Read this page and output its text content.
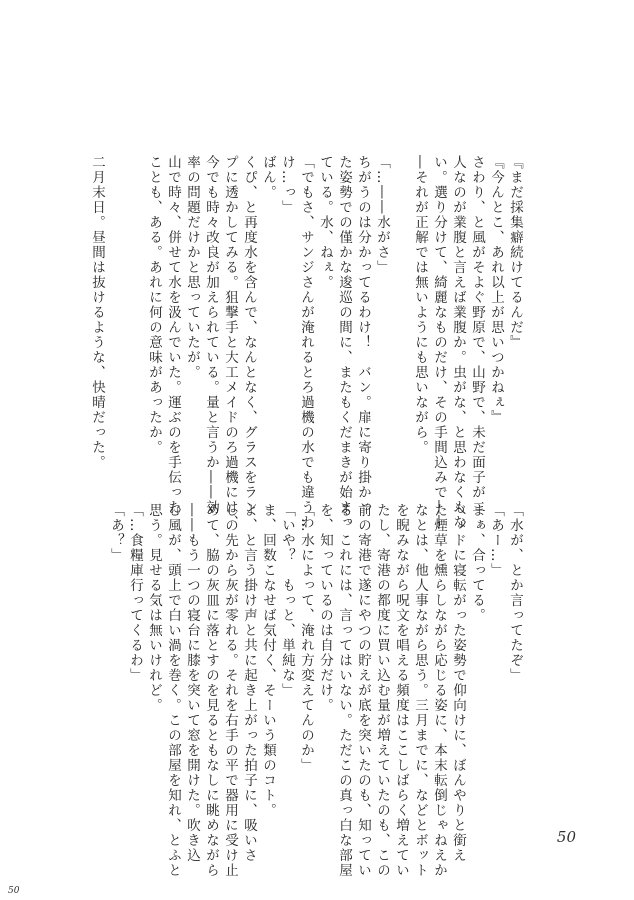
『まだ採集癖続けてるんだ』
『今んとこ、あれ以上が思いつかねぇ』
さわり、と風がそよぐ野原で、山野で、未だ面子が二
人なのが業腹と言えば業腹か。虫がな、と思わなくもな
い。選り分けて、綺麗なものだけ、その手間込みで――
―それが正解では無いようにも思いながら。

「…――水がさ」
ちがうのは分かってるわけ！　バン。扉に寄り掛かっ
た姿勢での僅かな逡巡の間に、またもくだまきが始まっ
ている。水、ねぇ。
「でもさ、サンジさんが淹れるとろ過機の水でも違うわ
け…っ」
ばん。
くぴ、と再度水を含んで、なんとなく、グラスをラン
プに透かしてみる。狙撃手と大工メイドのろ過機には、
今でも時々改良が加えられている。量と言うか――効
率の問題だけかと思っていたが。
山で時々、併せて水を汲んでいた。運ぶのを手伝った
ことも、ある。あれに何の意味があったか。

二月末日。昼間は抜けるような、快晴だった。
「水が、とか言ってたぞ」
「あー…」
まぁ、合ってる。
ベッドに寝転がった姿勢で仰向けに、ぼんやりと銜え
た煙草を燻らしながら応じる姿に、本末転倒じゃねえか
なとは、他人事ながら思う。三月までに、などとボット
を睨みながら呪文を唱える頻度はここしばらく増えてい
たし、寄港の都度に買い込む量が増えていたのも、この
前の寄港で遂にやつの貯えが底を突いたのも、知ってい
る。これには、言ってはいない。ただこの真っ白な部屋
を、知っているのは自分だけ。
「…水によって、淹れ方変えてんのか」
「いや？　もっと、単純な」
ま、回数こなせば気付く、そーいう類のコト。
よ、と言う掛け声と共に起き上がった拍子に、吸いさ
しの先から灰が零れる。それを右手の平で器用に受け止
めて、脇の灰皿に落とすのを見るともなしに眺めながら
――もう一つの寝台に膝を突いて窓を開けた。吹き込
む風が、頭上で白い渦を巻く。この部屋を知れ、とふと
思う。見せる気は無いけれど。
「…食糧庫行ってくるわ」
「あ？」
50
50
